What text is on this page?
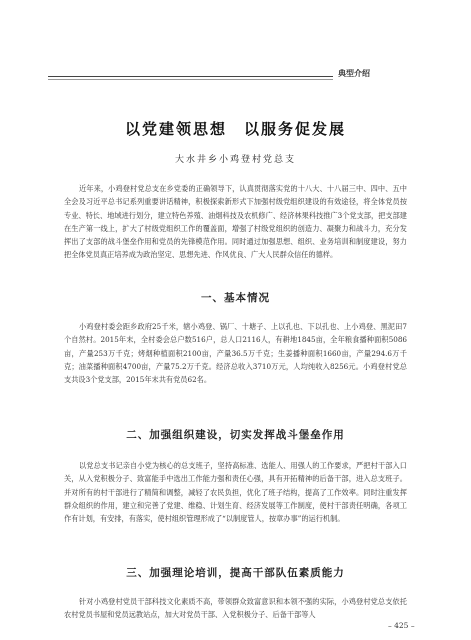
典型介绍
以党建领思想　以服务促发展
大水井乡小鸡登村党总支

近年来，小鸡登村党总支在乡党委的正确领导下，认真贯彻落实党的十八大、十八届三中、四中、五中全会及习近平总书记系列重要讲话精神，积极探索新形式下加强村级党组织建设的有效途径，将全体党员按专业、特长、地域进行划分，建立特色养殖、油烟科技及农机修广、经济林果科技推广3个党支部，把支部建在生产第一线上，扩大了村级党组织工作的覆盖面，增强了村级党组织的创造力、凝聚力和战斗力，充分发挥出了支部的战斗堡垒作用和党员的先锋模范作用。同时通过加强思想、组织、业务培训和制度建设，努力把全体党员真正培养成为政治坚定、思想先进、作风优良、广大人民群众信任的德样。

一、基本情况

小鸡登村委会距乡政府25千米，辖小鸡登、锅厂、十塘子、上以孔也、下以孔也、上小鸡登、黑泥田7个自然村。2015年末，全村委会总户数516户，总人口2116人，有耕地1845亩，全年粮食播种面积5086亩，产量253万千克；烤烟种植面积2100亩，产量36.5万千克；生姜播种面积1660亩，产量294.6万千克；油菜播种面积4700亩，产量75.2万千克。经济总收入3710万元，人均纯收入8256元。小鸡登村党总支共设3个党支部，2015年末共有党员62名。

二、加强组织建设，切实发挥战斗堡垒作用

以党总支书记亲自小党为核心的总支班子，坚持高标准、选能人、用强人的工作要求，严把村干部入口关，从入党积极分子、致富能手中选出工作能力强和责任心强，具有开拓精神的后备干部，进入总支班子。并对所有的村干部进行了精简和调整，减轻了农民负担，优化了班子结构，提高了工作效率。同时注重发挥群众组织的作用，建立和完善了党建、维稳、计划生育、经济发展等工作制度，使村干部责任明确，各项工作有计划，有安排，有落实，使村组织管理形成了“以制度管人，按章办事”的运行机制。

三、加强理论培训，提高干部队伍素质能力

针对小鸡登村党员干部科技文化素质不高，带领群众致富意识和本领不强的实际，小鸡登村党总支依托农村党员书屋和党员远教站点，加大对党员干部、入党积极分子、后备干部等人

– 425 –
